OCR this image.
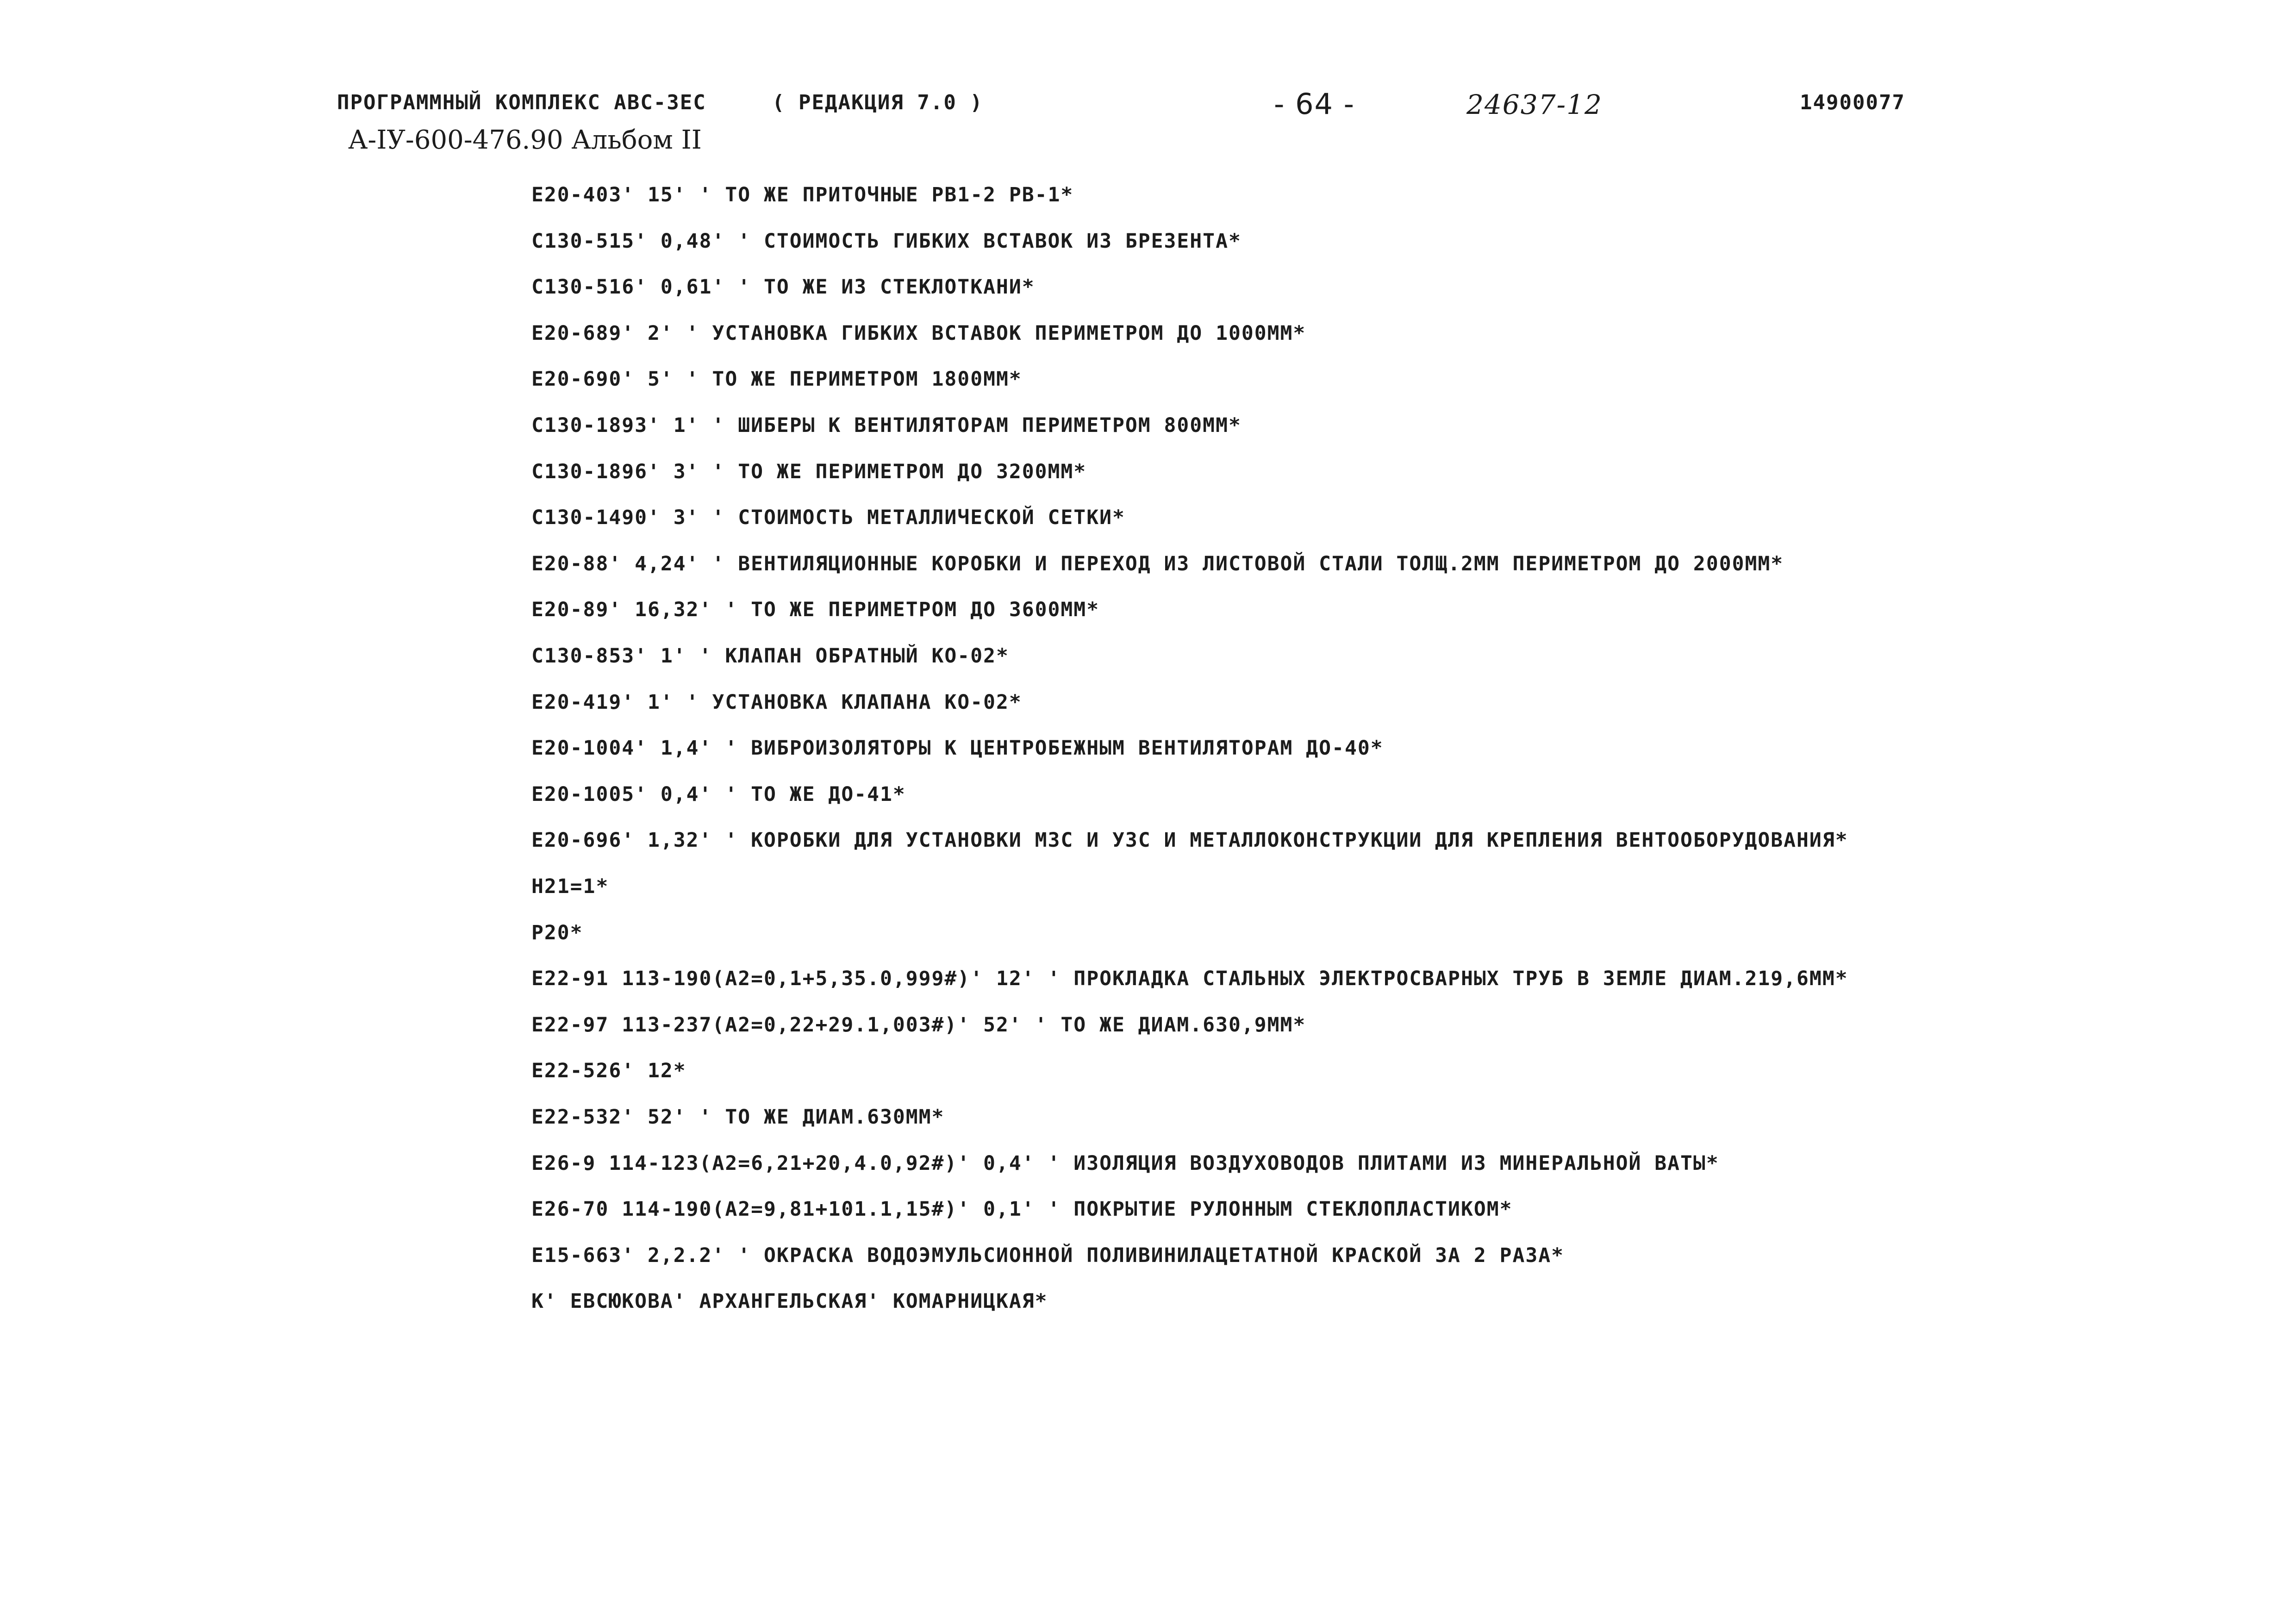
ПРОГРАММНЫЙ КОМПЛЕКС АВС-3ЕС	( РЕДАКЦИЯ 7.0 )	- 64 -	24637-12	14900077
А-IУ-600-476.90 Альбом II
Е20-403' 15' ' ТО ЖЕ ПРИТОЧНЫЕ РВ1-2 РВ-1*
С130-515' 0,48' ' СТОИМОСТЬ ГИБКИХ ВСТАВОК ИЗ БРЕЗЕНТА*
С130-516' 0,61' ' ТО ЖЕ ИЗ СТЕКЛОТКАНИ*
Е20-689' 2' ' УСТАНОВКА ГИБКИХ ВСТАВОК ПЕРИМЕТРОМ ДО 1000ММ*
Е20-690' 5' ' ТО ЖЕ ПЕРИМЕТРОМ 1800ММ*
С130-1893' 1' ' ШИБЕРЫ К ВЕНТИЛЯТОРАМ ПЕРИМЕТРОМ 800ММ*
С130-1896' 3' ' ТО ЖЕ ПЕРИМЕТРОМ ДО 3200ММ*
С130-1490' 3' ' СТОИМОСТЬ МЕТАЛЛИЧЕСКОЙ СЕТКИ*
Е20-88' 4,24' ' ВЕНТИЛЯЦИОННЫЕ КОРОБКИ И ПЕРЕХОД ИЗ ЛИСТОВОЙ СТАЛИ ТОЛЩ.2ММ ПЕРИМЕТРОМ ДО 2000ММ*
Е20-89' 16,32' ' ТО ЖЕ ПЕРИМЕТРОМ ДО 3600ММ*
С130-853' 1' ' КЛАПАН ОБРАТНЫЙ КО-02*
Е20-419' 1' ' УСТАНОВКА КЛАПАНА КО-02*
Е20-1004' 1,4' ' ВИБРОИЗОЛЯТОРЫ К ЦЕНТРОБЕЖНЫМ ВЕНТИЛЯТОРАМ ДО-40*
Е20-1005' 0,4' ' ТО ЖЕ ДО-41*
Е20-696' 1,32' ' КОРОБКИ ДЛЯ УСТАНОВКИ МЗС И УЗС И МЕТАЛЛОКОНСТРУКЦИИ ДЛЯ КРЕПЛЕНИЯ ВЕНТООБОРУДОВАНИЯ*
Н21=1*
Р20*
Е22-91 113-190(А2=0,1+5,35.0,999#)' 12' ' ПРОКЛАДКА СТАЛЬНЫХ ЭЛЕКТРОСВАРНЫХ ТРУБ В ЗЕМЛЕ ДИАМ.219,6ММ*
Е22-97 113-237(А2=0,22+29.1,003#)' 52' ' ТО ЖЕ ДИАМ.630,9ММ*
Е22-526' 12*
Е22-532' 52' ' ТО ЖЕ ДИАМ.630ММ*
Е26-9 114-123(А2=6,21+20,4.0,92#)' 0,4' ' ИЗОЛЯЦИЯ ВОЗДУХОВОДОВ ПЛИТАМИ ИЗ МИНЕРАЛЬНОЙ ВАТЫ*
Е26-70 114-190(А2=9,81+101.1,15#)' 0,1' ' ПОКРЫТИЕ РУЛОННЫМ СТЕКЛОПЛАСТИКОМ*
Е15-663' 2,2.2' ' ОКРАСКА ВОДОЭМУЛЬСИОННОЙ ПОЛИВИНИЛАЦЕТАТНОЙ КРАСКОЙ ЗА 2 РАЗА*
К' ЕВСЮКОВА' АРХАНГЕЛЬСКАЯ' КОМАРНИЦКАЯ*
